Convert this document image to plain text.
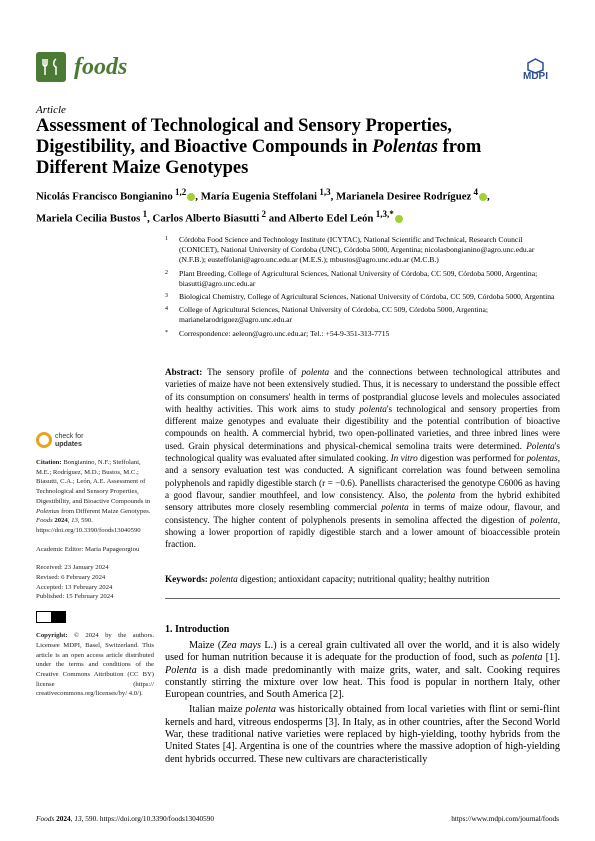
foods	MDPI
Article
Assessment of Technological and Sensory Properties, Digestibility, and Bioactive Compounds in Polentas from Different Maize Genotypes
Nicolás Francisco Bongianino $^{1,2}$ , María Eugenia Steffolani $^{1,3}$, Marianela Desiree Rodríguez $^4$ ,
Mariela Cecilia Bustos $^1$, Carlos Alberto Biasutti $^2$ and Alberto Edel León $^{1,3,*}$
1 Córdoba Food Science and Technology Institute (ICYTAC), National Scientific and Technical, Research Council (CONICET), National University of Cordoba (UNC), Córdoba 5000, Argentina; nicolasbongianino@agro.unc.edu.ar (N.F.B.); eusteffolani@agro.unc.edu.ar (M.E.S.); mbustos@agro.unc.edu.ar (M.C.B.)
2 Plant Breeding, College of Agricultural Sciences, National University of Córdoba, CC 509, Córdoba 5000, Argentina; biasutti@agro.unc.edu.ar
3 Biological Chemistry, College of Agricultural Sciences, National University of Córdoba, CC 509, Córdoba 5000, Argentina
4 College of Agricultural Sciences, National University of Córdoba, CC 509, Córdoba 5000, Argentina; marianelarodriguez@agro.unc.edu.ar
* Correspondence: aeleon@agro.unc.edu.ar; Tel.: +54-9-351-313-7715
Abstract: The sensory profile of polenta and the connections between technological attributes and varieties of maize have not been extensively studied. Thus, it is necessary to understand the possible effect of its consumption on consumers' health in terms of postprandial glucose levels and molecules associated with healthy activities. This work aims to study polenta's technological and sensory properties from different maize genotypes and evaluate their digestibility and the potential contribution of bioactive compounds on health. A commercial hybrid, two open-pollinated varieties, and three inbred lines were used. Grain physical determinations and physical-chemical semolina traits were determined. Polenta's technological quality was evaluated after simulated cooking. In vitro digestion was performed for polentas, and a sensory evaluation test was conducted. A significant correlation was found between semolina polyphenols and rapidly digestible starch (r = −0.6). Panellists characterised the genotype C6006 as having a good flavour, sandier mouthfeel, and low consistency. Also, the polenta from the hybrid exhibited sensory attributes more closely resembling commercial polenta in terms of maize odour, flavour, and consistency. The higher content of polyphenols presents in semolina affected the digestion of polenta, showing a lower proportion of rapidly digestible starch and a lower amount of bioaccessible protein fraction.
Keywords: polenta digestion; antioxidant capacity; nutritional quality; healthy nutrition
check for
updates
Citation: Bongianino, N.F.; Steffolani, M.E.; Rodríguez, M.D.; Bustos, M.C.; Biasutti, C.A.; León, A.E. Assessment of Technological and Sensory Properties, Digestibility, and Bioactive Compounds in Polentas from Different Maize Genotypes. Foods 2024, 13, 590. https://doi.org/10.3390/foods13040590
Academic Editor: Maria Papageorgiou
Received: 23 January 2024
Revised: 6 February 2024
Accepted: 13 February 2024
Published: 15 February 2024
Copyright: © 2024 by the authors. Licensee MDPI, Basel, Switzerland. This article is an open access article distributed under the terms and conditions of the Creative Commons Attribution (CC BY) license (https:// creativecommons.org/licenses/by/ 4.0/).
1. Introduction

Maize (Zea mays L.) is a cereal grain cultivated all over the world, and it is also widely used for human nutrition because it is adequate for the production of food, such as polenta [1]. Polenta is a dish made predominantly with maize grits, water, and salt. Cooking requires constantly stirring the mixture over low heat. This food is popular in northern Italy, other European countries, and South America [2].

Italian maize polenta was historically obtained from local varieties with flint or semi-flint kernels and hard, vitreous endosperms [3]. In Italy, as in other countries, after the Second World War, these traditional native varieties were replaced by high-yielding, toothy hybrids from the United States [4]. Argentina is one of the countries where the massive adoption of high-yielding dent hybrids occurred. These new cultivars are characteristically

Foods 2024, 13, 590. https://doi.org/10.3390/foods13040590	https://www.mdpi.com/journal/foods
